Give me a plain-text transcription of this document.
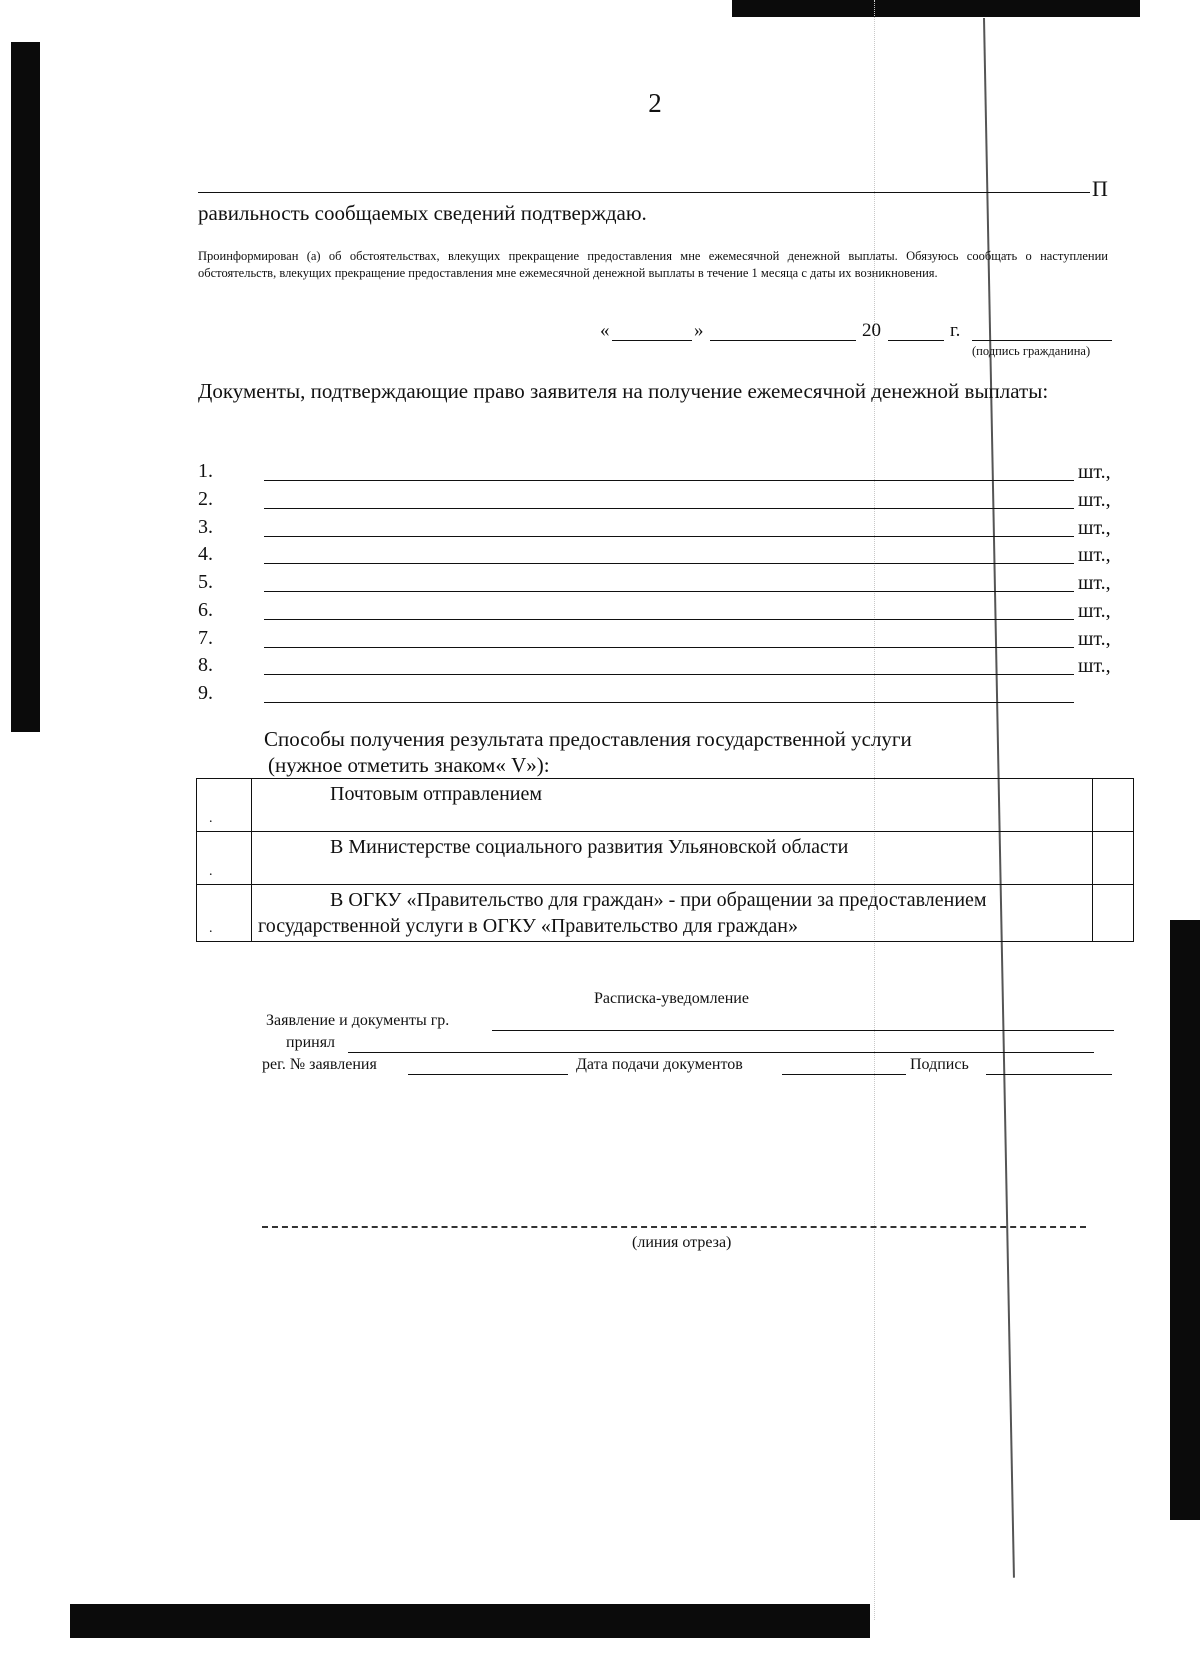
2
П
равильность сообщаемых сведений подтверждаю.
Проинформирован (а) об обстоятельствах, влекущих прекращение предоставления мне ежемесячной денежной выплаты. Обязуюсь сообщать о наступлении обстоятельств, влекущих прекращение предоставления мне ежемесячной денежной выплаты в течение 1 месяца с даты их возникновения.
«	»	20	г.
(подпись гражданина)
Документы, подтверждающие право заявителя на получение ежемесячной денежной выплаты:
1.	шт.,
2.	шт.,
3.	шт.,
4.	шт.,
5.	шт.,
6.	шт.,
7.	шт.,
8.	шт.,
9.
Способы получения результата предоставления государственной услуги
(нужное отметить знаком« V»):
.	Почтовым отправлением	

.	В Министерстве социального развития Ульяновской области	

.	В ОГКУ «Правительство для граждан» - при обращении за предоставлением государственной услуги в ОГКУ «Правительство для граждан»	

Расписка-уведомление
Заявление и документы гр.
принял
рег. № заявления	Дата подачи документов	Подпись
(линия отреза)
